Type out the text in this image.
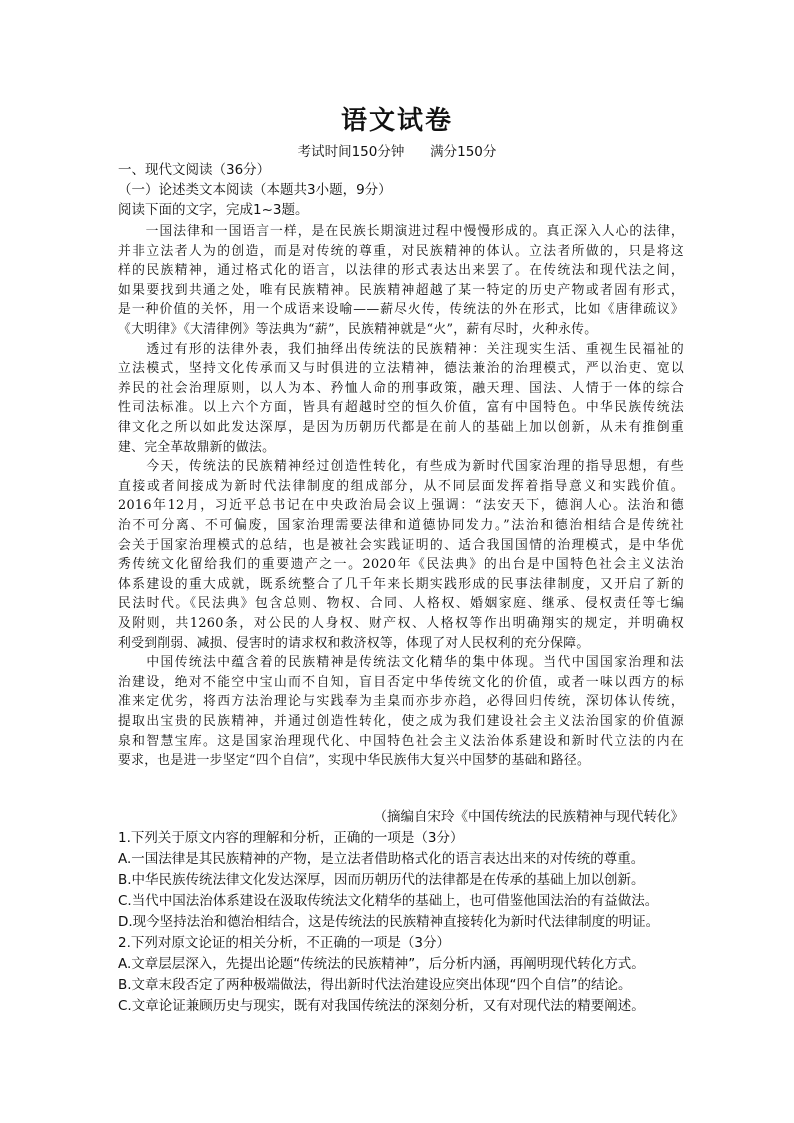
语文试卷
考试时间150分钟      满分150分
一、现代文阅读（36分）
（一）论述类文本阅读（本题共3小题，9分）
阅读下面的文字，完成1~3题。
　　一国法律和一国语言一样，是在民族长期演进过程中慢慢形成的。真正深入人心的法律，
并非立法者人为的创造，而是对传统的尊重，对民族精神的体认。立法者所做的，只是将这
样的民族精神，通过格式化的语言，以法律的形式表达出来罢了。在传统法和现代法之间，
如果要找到共通之处，唯有民族精神。民族精神超越了某一特定的历史产物或者固有形式，
是一种价值的关怀，用一个成语来设喻——薪尽火传，传统法的外在形式，比如《唐律疏议》
《大明律》《大清律例》等法典为“薪”，民族精神就是“火”，薪有尽时，火种永传。
　　透过有形的法律外表，我们抽绎出传统法的民族精神：关注现实生活、重视生民福祉的
立法模式，坚持文化传承而又与时俱进的立法精神，德法兼治的治理模式，严以治吏、宽以
养民的社会治理原则，以人为本、矜恤人命的刑事政策，融天理、国法、人情于一体的综合
性司法标准。以上六个方面，皆具有超越时空的恒久价值，富有中国特色。中华民族传统法
律文化之所以如此发达深厚，是因为历朝历代都是在前人的基础上加以创新，从未有推倒重
建、完全革故鼎新的做法。
　　今天，传统法的民族精神经过创造性转化，有些成为新时代国家治理的指导思想，有些
直接或者间接成为新时代法律制度的组成部分，从不同层面发挥着指导意义和实践价值。
2016年12月，习近平总书记在中央政治局会议上强调：“法安天下，德润人心。法治和德
治不可分离、不可偏废，国家治理需要法律和道德协同发力。”法治和德治相结合是传统社
会关于国家治理模式的总结，也是被社会实践证明的、适合我国国情的治理模式，是中华优
秀传统文化留给我们的重要遗产之一。2020年《民法典》的出台是中国特色社会主义法治
体系建设的重大成就，既系统整合了几千年来长期实践形成的民事法律制度，又开启了新的
民法时代。《民法典》包含总则、物权、合同、人格权、婚姻家庭、继承、侵权责任等七编
及附则，共1260条，对公民的人身权、财产权、人格权等作出明确翔实的规定，并明确权
利受到削弱、减损、侵害时的请求权和救济权等，体现了对人民权利的充分保障。
　　中国传统法中蕴含着的民族精神是传统法文化精华的集中体现。当代中国国家治理和法
治建设，绝对不能空中宝山而不自知，盲目否定中华传统文化的价值，或者一味以西方的标
准来定优劣，将西方法治理论与实践奉为圭臬而亦步亦趋，必得回归传统，深切体认传统，
提取出宝贵的民族精神，并通过创造性转化，使之成为我们建设社会主义法治国家的价值源
泉和智慧宝库。这是国家治理现代化、中国特色社会主义法治体系建设和新时代立法的内在
要求，也是进一步坚定“四个自信”，实现中华民族伟大复兴中国梦的基础和路径。
（摘编自宋玲《中国传统法的民族精神与现代转化》
1.下列关于原文内容的理解和分析，正确的一项是（3分）
A.一国法律是其民族精神的产物，是立法者借助格式化的语言表达出来的对传统的尊重。
B.中华民族传统法律文化发达深厚，因而历朝历代的法律都是在传承的基础上加以创新。
C.当代中国法治体系建设在汲取传统法文化精华的基础上，也可借鉴他国法治的有益做法。
D.现今坚持法治和德治相结合，这是传统法的民族精神直接转化为新时代法律制度的明证。
2.下列对原文论证的相关分析，不正确的一项是（3分）
A.文章层层深入，先提出论题“传统法的民族精神”，后分析内涵，再阐明现代转化方式。
B.文章末段否定了两种极端做法，得出新时代法治建设应突出体现“四个自信”的结论。
C.文章论证兼顾历史与现实，既有对我国传统法的深刻分析，又有对现代法的精要阐述。
